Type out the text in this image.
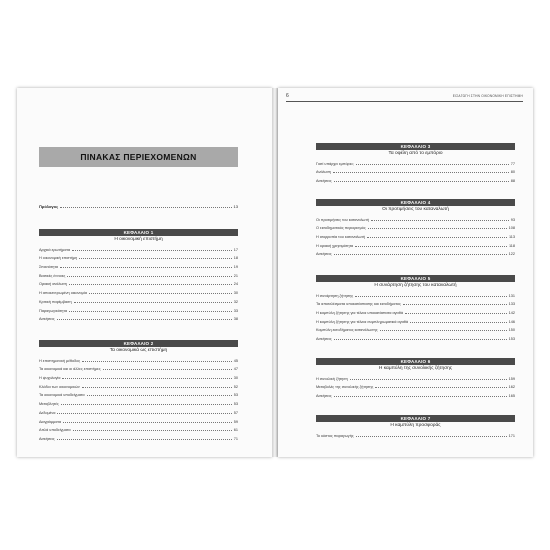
ΠΙΝΑΚΑΣ ΠΕΡΙΕΧΟΜΕΝΩΝ
Πρόλογος	13
ΚΕΦΑΛΑΙΟ 1
Η οικονομική επιστήμη
Αρχικά ερωτήματα	17
Η οικονομική επιστήμη	18
Σπανιότητα	19
Βασικές έννοιες	21
Οριακή ανάλυση	24
Η αποκεντρωμένη οικονομία	30
Κριτική παρέμβαση	32
Παραγωγικότητα	33
Ασκήσεις	38
ΚΕΦΑΛΑΙΟ 2
Τα οικονομικά ως επιστήμη
Η επιστημονική μέθοδος	45
Τα οικονομικά και οι άλλες επιστήμες	47
Η ψυχολογία	30
Κλάδοι των οικονομικών	52
Τα οικονομικά υποδείγματα	53
Μεταβλητές	53
Δεδομένα	57
Διαγράμματα	59
Απλά υποδείγματα	61
Ασκήσεις	71
6	ΕΙΣΑΓΩΓΗ ΣΤΗΝ ΟΙΚΟΝΟΜΙΚΗ ΕΠΙΣΤΗΜΗ
ΚΕΦΑΛΑΙΟ 3
Τα οφέλη από το εμπόριο
Γιατί υπάρχει εμπόριο;	77
Ανάλυση	80
Ασκήσεις	88
ΚΕΦΑΛΑΙΟ 4
Οι προτιμήσεις του καταναλωτή
Οι προτιμήσεις του καταναλωτή	93
Ο εισοδηματικός περιορισμός	108
Η ισορροπία του καταναλωτή	113
Η οριακή χρησιμότητα	118
Ασκήσεις	122
ΚΕΦΑΛΑΙΟ 5
Η συνάρτηση ζήτησης του καταναλωτή
Η συνάρτηση ζήτησης	131
Τα αποτελέσματα υποκατάστασης και εισοδήματος	133
Η καμπύλη ζήτησης για τέλεια υποκατάστατα αγαθά	142
Η καμπύλη ζήτησης για τέλεια συμπληρωματικά αγαθά	146
Καμπύλη εισοδήματος κατανάλωσης	150
Ασκήσεις	153
ΚΕΦΑΛΑΙΟ 6
Η καμπύλη της συνολικής ζήτησης
Η συνολική ζήτηση	159
Μεταβολές της συνολικής ζήτησης	162
Ασκήσεις	165
ΚΕΦΑΛΑΙΟ 7
Η καμπύλη προσφοράς
Το κόστος παραγωγής	171
